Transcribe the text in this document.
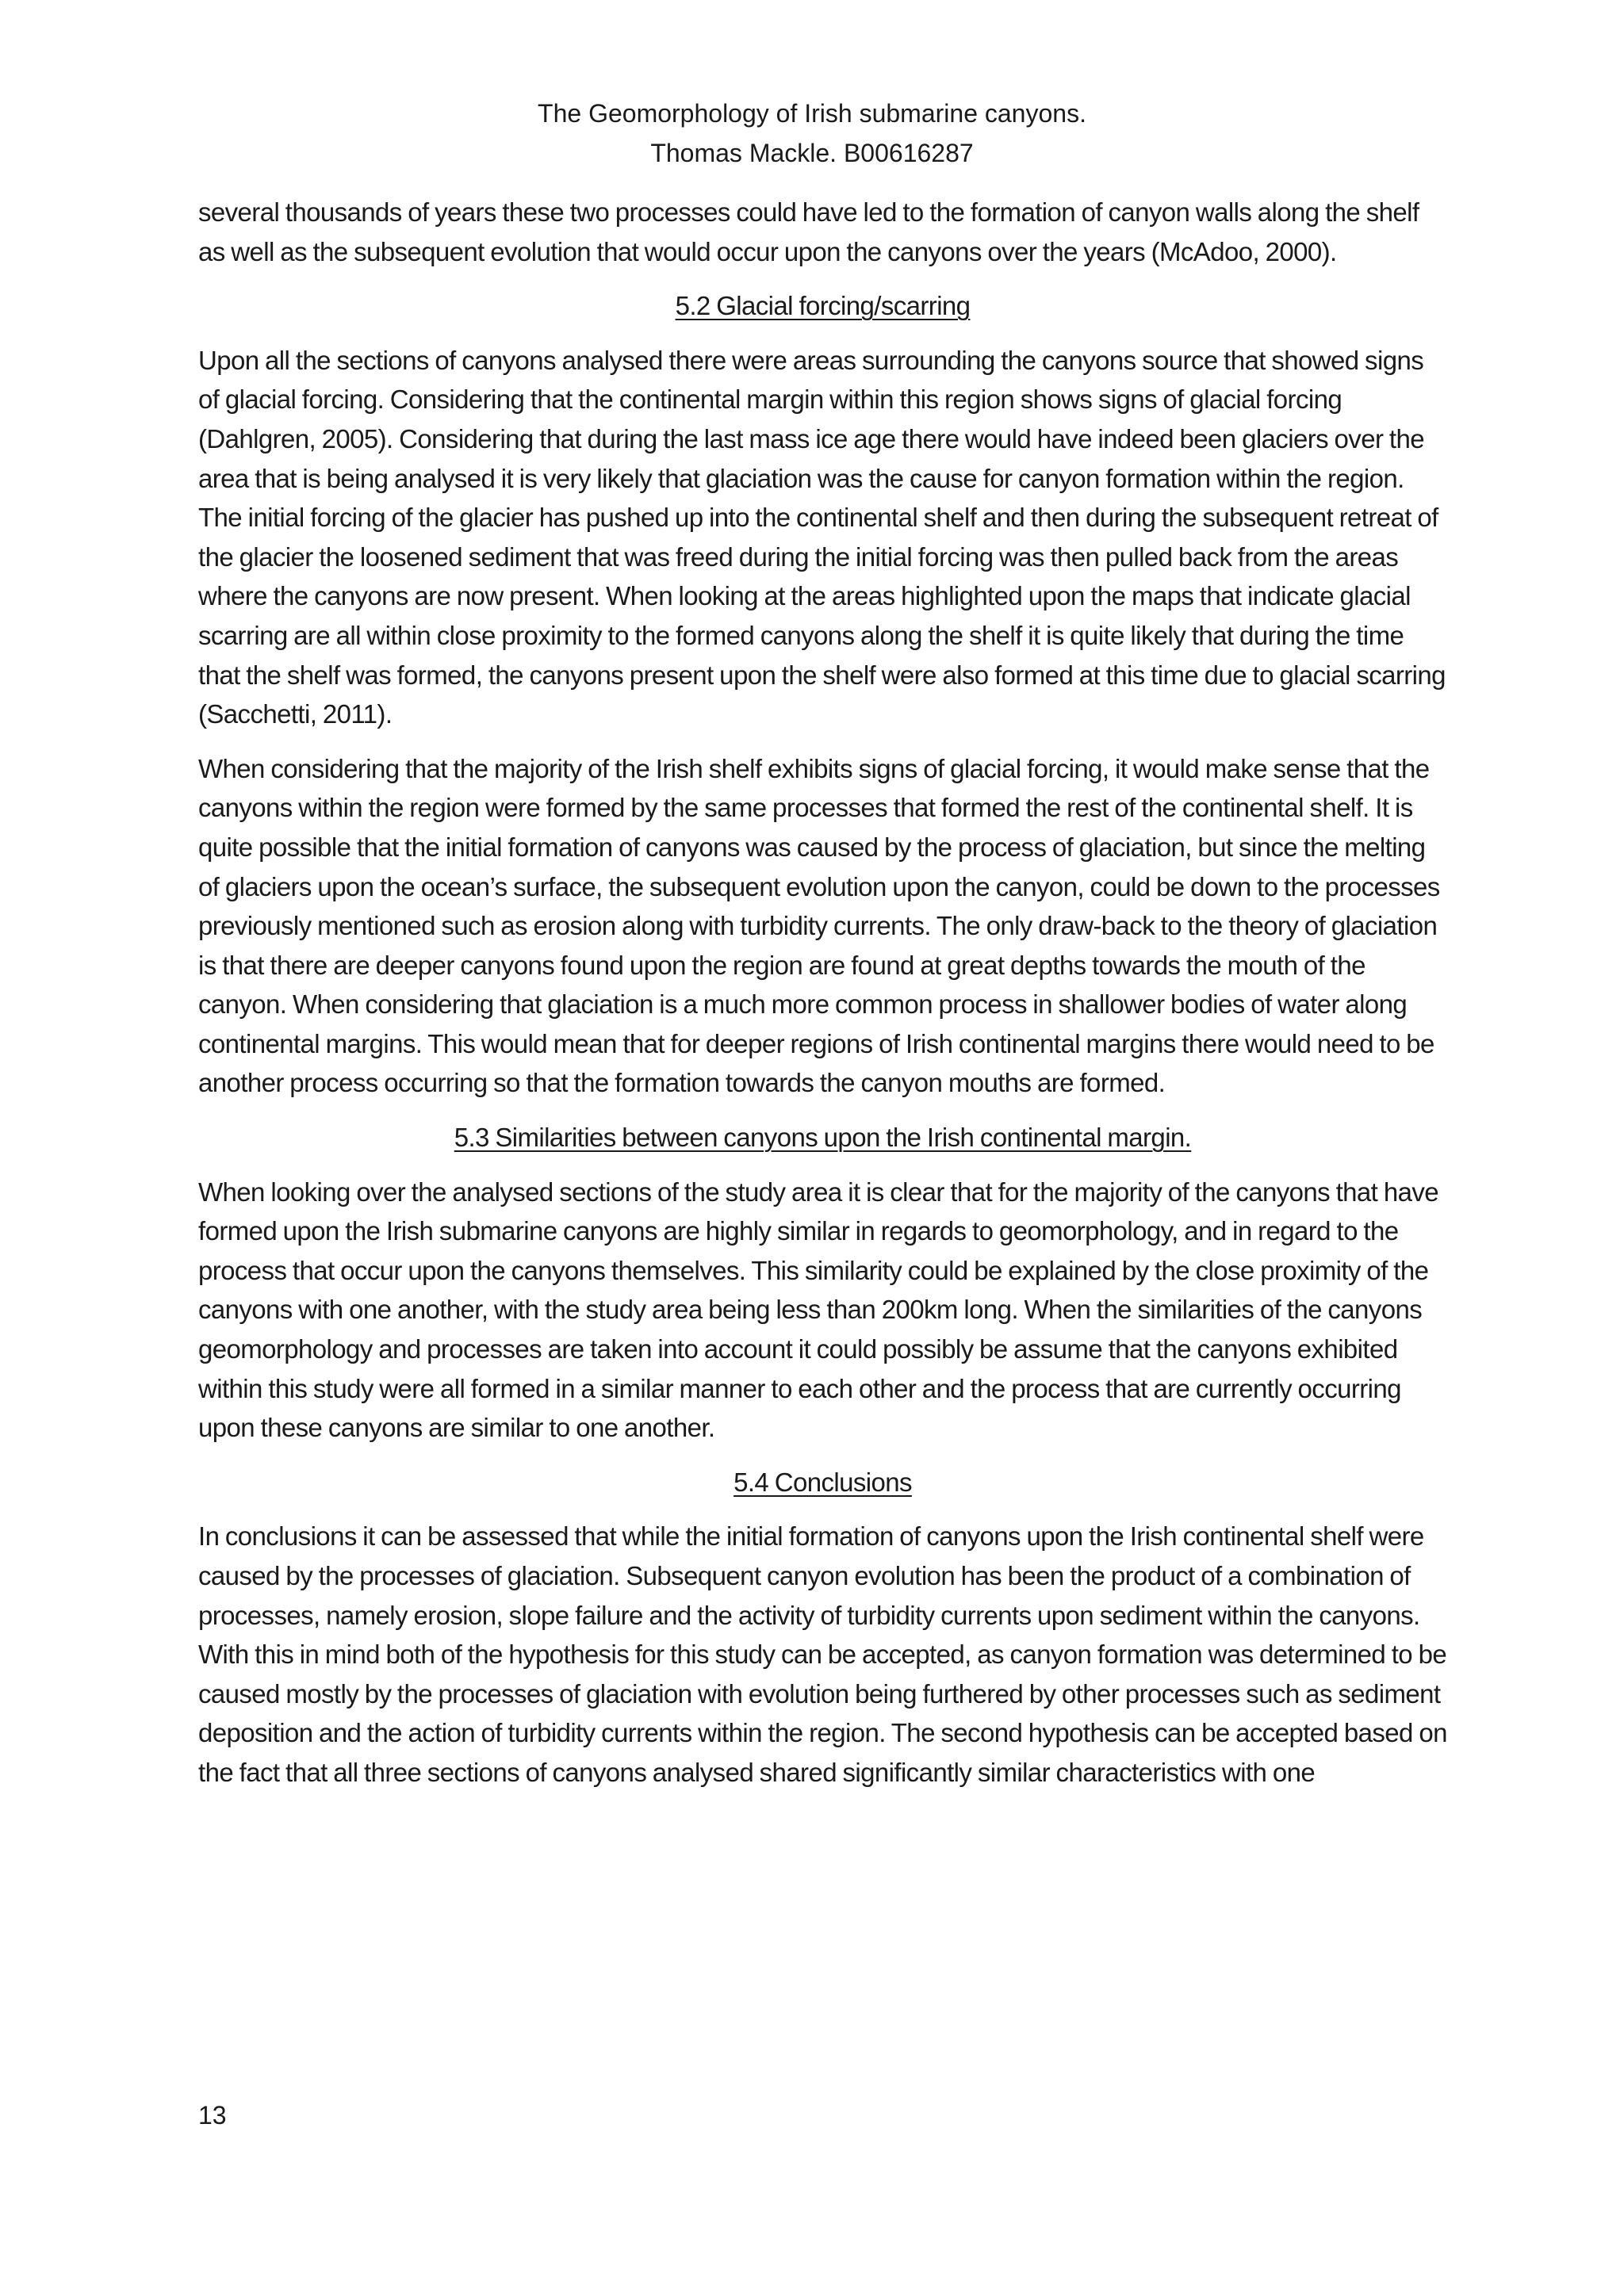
The Geomorphology of Irish submarine canyons.
Thomas Mackle. B00616287

several thousands of years these two processes could have led to the formation of canyon walls along the shelf as well as the subsequent evolution that would occur upon the canyons over the years (McAdoo, 2000).

5.2 Glacial forcing/scarring

Upon all the sections of canyons analysed there were areas surrounding the canyons source that showed signs of glacial forcing. Considering that the continental margin within this region shows signs of glacial forcing (Dahlgren, 2005). Considering that during the last mass ice age there would have indeed been glaciers over the area that is being analysed it is very likely that glaciation was the cause for canyon formation within the region. The initial forcing of the glacier has pushed up into the continental shelf and then during the subsequent retreat of the glacier the loosened sediment that was freed during the initial forcing was then pulled back from the areas where the canyons are now present. When looking at the areas highlighted upon the maps that indicate glacial scarring are all within close proximity to the formed canyons along the shelf it is quite likely that during the time that the shelf was formed, the canyons present upon the shelf were also formed at this time due to glacial scarring (Sacchetti, 2011).

When considering that the majority of the Irish shelf exhibits signs of glacial forcing, it would make sense that the canyons within the region were formed by the same processes that formed the rest of the continental shelf. It is quite possible that the initial formation of canyons was caused by the process of glaciation, but since the melting of glaciers upon the ocean’s surface, the subsequent evolution upon the canyon, could be down to the processes previously mentioned such as erosion along with turbidity currents. The only draw-back to the theory of glaciation is that there are deeper canyons found upon the region are found at great depths towards the mouth of the canyon. When considering that glaciation is a much more common process in shallower bodies of water along continental margins. This would mean that for deeper regions of Irish continental margins there would need to be another process occurring so that the formation towards the canyon mouths are formed.

5.3 Similarities between canyons upon the Irish continental margin.

When looking over the analysed sections of the study area it is clear that for the majority of the canyons that have formed upon the Irish submarine canyons are highly similar in regards to geomorphology, and in regard to the process that occur upon the canyons themselves. This similarity could be explained by the close proximity of the canyons with one another, with the study area being less than 200km long. When the similarities of the canyons geomorphology and processes are taken into account it could possibly be assume that the canyons exhibited within this study were all formed in a similar manner to each other and the process that are currently occurring upon these canyons are similar to one another.

5.4 Conclusions

In conclusions it can be assessed that while the initial formation of canyons upon the Irish continental shelf were caused by the processes of glaciation. Subsequent canyon evolution has been the product of a combination of processes, namely erosion, slope failure and the activity of turbidity currents upon sediment within the canyons. With this in mind both of the hypothesis for this study can be accepted, as canyon formation was determined to be caused mostly by the processes of glaciation with evolution being furthered by other processes such as sediment deposition and the action of turbidity currents within the region. The second hypothesis can be accepted based on the fact that all three sections of canyons analysed shared significantly similar characteristics with one

13
